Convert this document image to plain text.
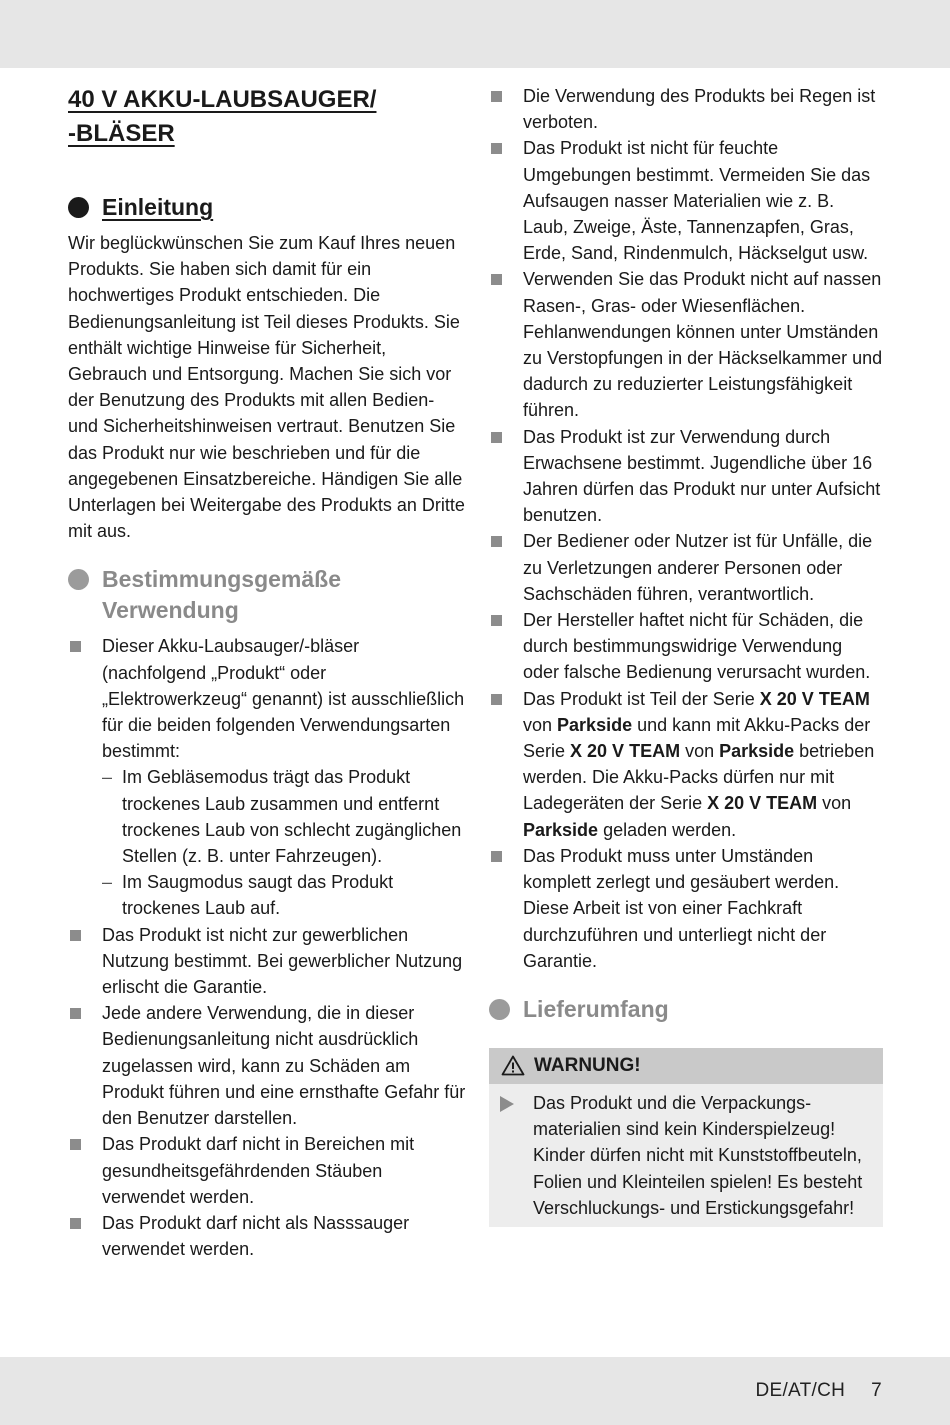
40 V AKKU-LAUBSAUGER/
-BLÄSER
Einleitung

Wir beglückwünschen Sie zum Kauf Ihres neuen Produkts. Sie haben sich damit für ein hochwertiges Produkt entschieden. Die Bedienungsanleitung ist Teil dieses Produkts. Sie enthält wichtige Hinweise für Sicherheit, Gebrauch und Entsorgung. Machen Sie sich vor der Benutzung des Produkts mit allen Bedien- und Sicherheitshinweisen vertraut. Benutzen Sie das Produkt nur wie beschrieben und für die angegebenen Einsatzbereiche. Händigen Sie alle Unterlagen bei Weitergabe des Produkts an Dritte mit aus.

Bestimmungsgemäße
Verwendung
Dieser Akku-Laubsauger/-bläser (nachfolgend „Produkt“ oder „Elektrowerkzeug“ genannt) ist ausschließlich für die beiden folgenden Verwendungsarten bestimmt:
– Im Gebläsemodus trägt das Produkt trockenes Laub zusammen und entfernt trockenes Laub von schlecht zugänglichen Stellen (z. B. unter Fahrzeugen).
– Im Saugmodus saugt das Produkt trockenes Laub auf.
Das Produkt ist nicht zur gewerblichen Nutzung bestimmt. Bei gewerblicher Nutzung erlischt die Garantie.
Jede andere Verwendung, die in dieser Bedienungsanleitung nicht ausdrücklich zugelassen wird, kann zu Schäden am Produkt führen und eine ernsthafte Gefahr für den Benutzer darstellen.
Das Produkt darf nicht in Bereichen mit gesundheitsgefährdenden Stäuben verwendet werden.
Das Produkt darf nicht als Nasssauger verwendet werden.
Die Verwendung des Produkts bei Regen ist verboten.
Das Produkt ist nicht für feuchte Umgebungen bestimmt. Vermeiden Sie das Aufsaugen nasser Materialien wie z. B. Laub, Zweige, Äste, Tannenzapfen, Gras, Erde, Sand, Rindenmulch, Häckselgut usw.
Verwenden Sie das Produkt nicht auf nassen Rasen-, Gras- oder Wiesenflächen. Fehlanwendungen können unter Umständen zu Verstopfungen in der Häckselkammer und dadurch zu reduzierter Leistungsfähigkeit führen.
Das Produkt ist zur Verwendung durch Erwachsene bestimmt. Jugendliche über 16 Jahren dürfen das Produkt nur unter Aufsicht benutzen.
Der Bediener oder Nutzer ist für Unfälle, die zu Verletzungen anderer Personen oder Sachschäden führen, verantwortlich.
Der Hersteller haftet nicht für Schäden, die durch bestimmungswidrige Verwendung oder falsche Bedienung verursacht wurden.
Das Produkt ist Teil der Serie X 20 V TEAM von Parkside und kann mit Akku-Packs der Serie X 20 V TEAM von Parkside betrieben werden. Die Akku-Packs dürfen nur mit Ladegeräten der Serie X 20 V TEAM von Parkside geladen werden.
Das Produkt muss unter Umständen komplett zerlegt und gesäubert werden. Diese Arbeit ist von einer Fachkraft durchzuführen und unterliegt nicht der Garantie.
Lieferumfang
WARNUNG!
Das Produkt und die Verpackungs-materialien sind kein Kinderspielzeug! Kinder dürfen nicht mit Kunststoffbeuteln, Folien und Kleinteilen spielen! Es besteht Verschluckungs- und Erstickungsgefahr!
DE/AT/CH 7
